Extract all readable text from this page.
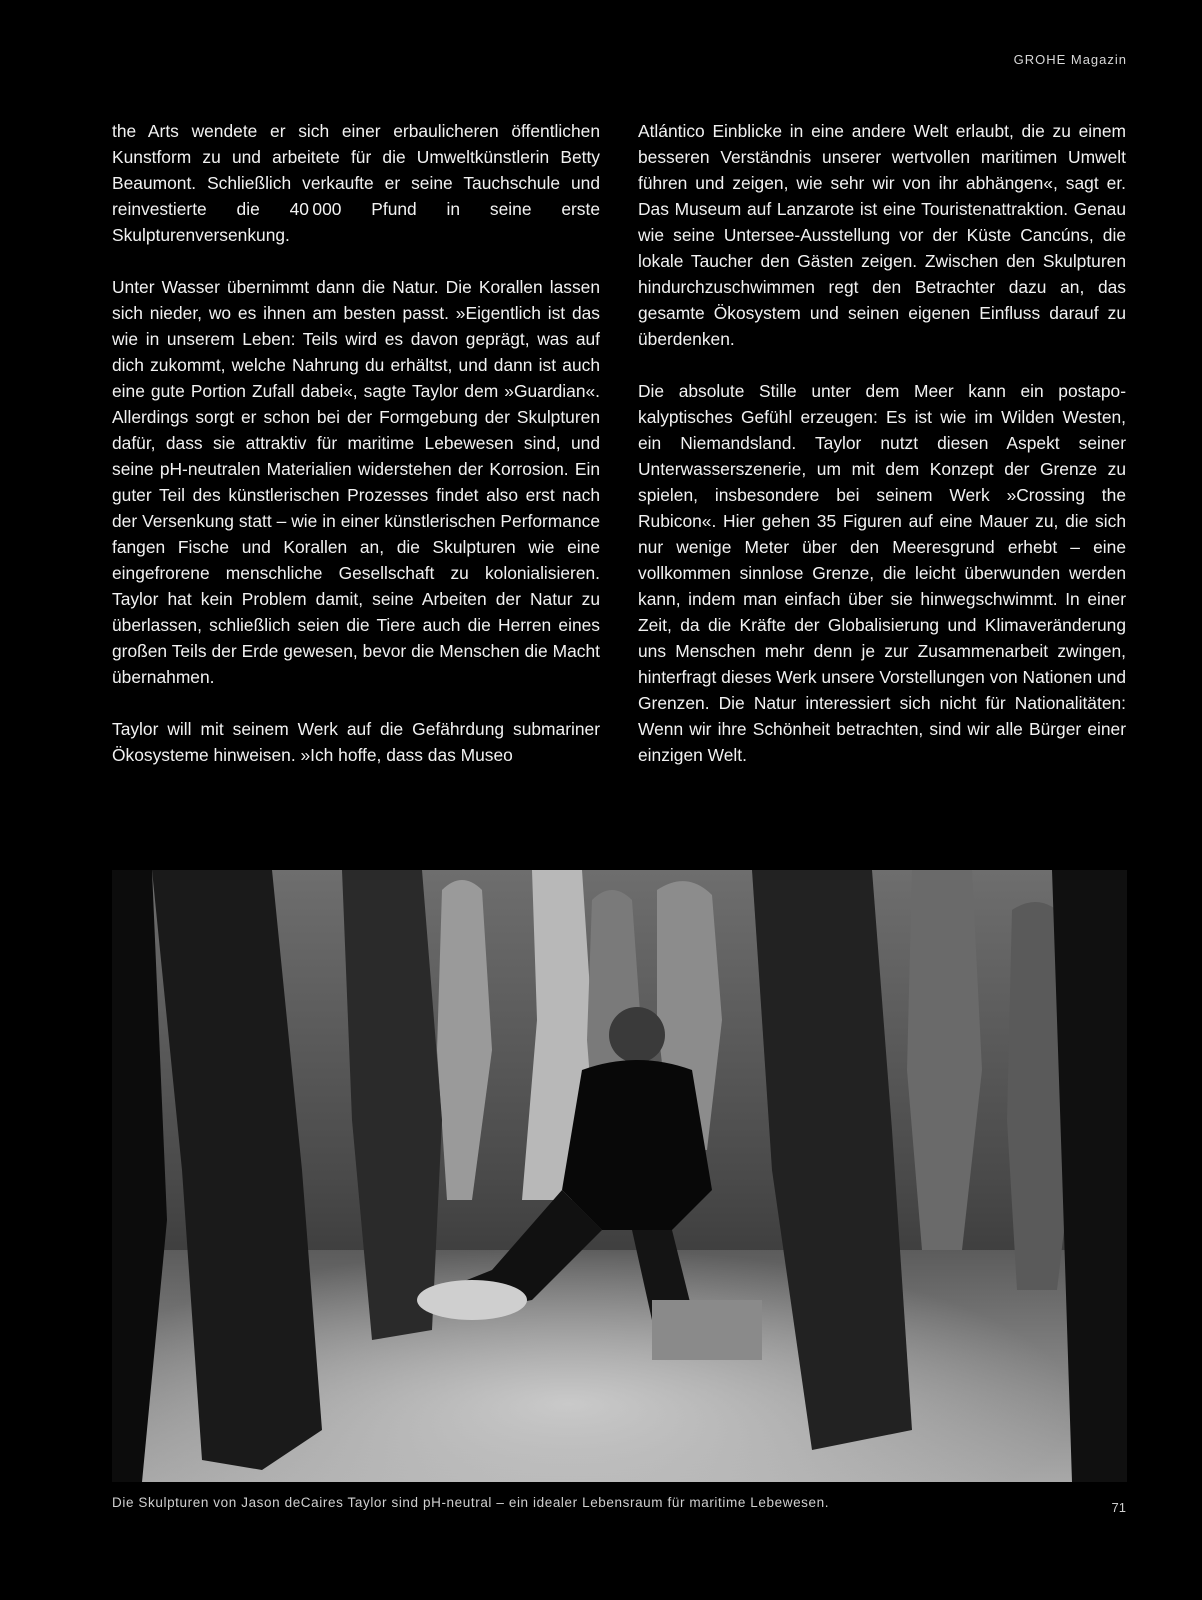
GROHE Magazin

the Arts wendete er sich einer erbaulicheren öffentlichen Kunstform zu und arbeitete für die Umweltkünstlerin Betty Beaumont. Schließlich verkaufte er seine Tauchschule und reinvestierte die 40 000 Pfund in seine erste Skulpturenversenkung.

Unter Wasser übernimmt dann die Natur. Die Korallen lassen sich nieder, wo es ihnen am besten passt. »Eigentlich ist das wie in unserem Leben: Teils wird es davon geprägt, was auf dich zukommt, welche Nahrung du erhältst, und dann ist auch eine gute Portion Zufall dabei«, sagte Taylor dem »Guardian«. Allerdings sorgt er schon bei der Formgebung der Skulpturen dafür, dass sie attraktiv für maritime Lebewesen sind, und seine pH-neutralen Materialien widerstehen der Korrosion. Ein guter Teil des künstlerischen Prozesses findet also erst nach der Versenkung statt – wie in einer künstlerischen Performance fangen Fische und Korallen an, die Skulpturen wie eine eingefrorene menschliche Gesellschaft zu kolonialisieren. Taylor hat kein Problem damit, seine Arbeiten der Natur zu überlassen, schließlich seien die Tiere auch die Herren eines großen Teils der Erde gewesen, bevor die Menschen die Macht übernahmen.

Taylor will mit seinem Werk auf die Gefährdung submariner Ökosysteme hinweisen. »Ich hoffe, dass das Museo

Atlántico Einblicke in eine andere Welt erlaubt, die zu einem besseren Verständnis unserer wertvollen maritimen Umwelt führen und zeigen, wie sehr wir von ihr abhängen«, sagt er. Das Museum auf Lanzarote ist eine Touristenattraktion. Genau wie seine Untersee-Ausstellung vor der Küste Cancúns, die lokale Taucher den Gästen zeigen. Zwischen den Skulpturen hindurchzuschwimmen regt den Betrachter dazu an, das gesamte Ökosystem und seinen eigenen Einfluss darauf zu überdenken.

Die absolute Stille unter dem Meer kann ein postapokalyptisches Gefühl erzeugen: Es ist wie im Wilden Westen, ein Niemandsland. Taylor nutzt diesen Aspekt seiner Unterwasserszenerie, um mit dem Konzept der Grenze zu spielen, insbesondere bei seinem Werk »Crossing the Rubicon«. Hier gehen 35 Figuren auf eine Mauer zu, die sich nur wenige Meter über den Meeresgrund erhebt – eine vollkommen sinnlose Grenze, die leicht überwunden werden kann, indem man einfach über sie hinwegschwimmt. In einer Zeit, da die Kräfte der Globalisierung und Klimaveränderung uns Menschen mehr denn je zur Zusammenarbeit zwingen, hinterfragt dieses Werk unsere Vorstellungen von Nationen und Grenzen. Die Natur interessiert sich nicht für Nationalitäten: Wenn wir ihre Schönheit betrachten, sind wir alle Bürger einer einzigen Welt.

Die Skulpturen von Jason deCaires Taylor sind pH-neutral – ein idealer Lebensraum für maritime Lebewesen.	71
